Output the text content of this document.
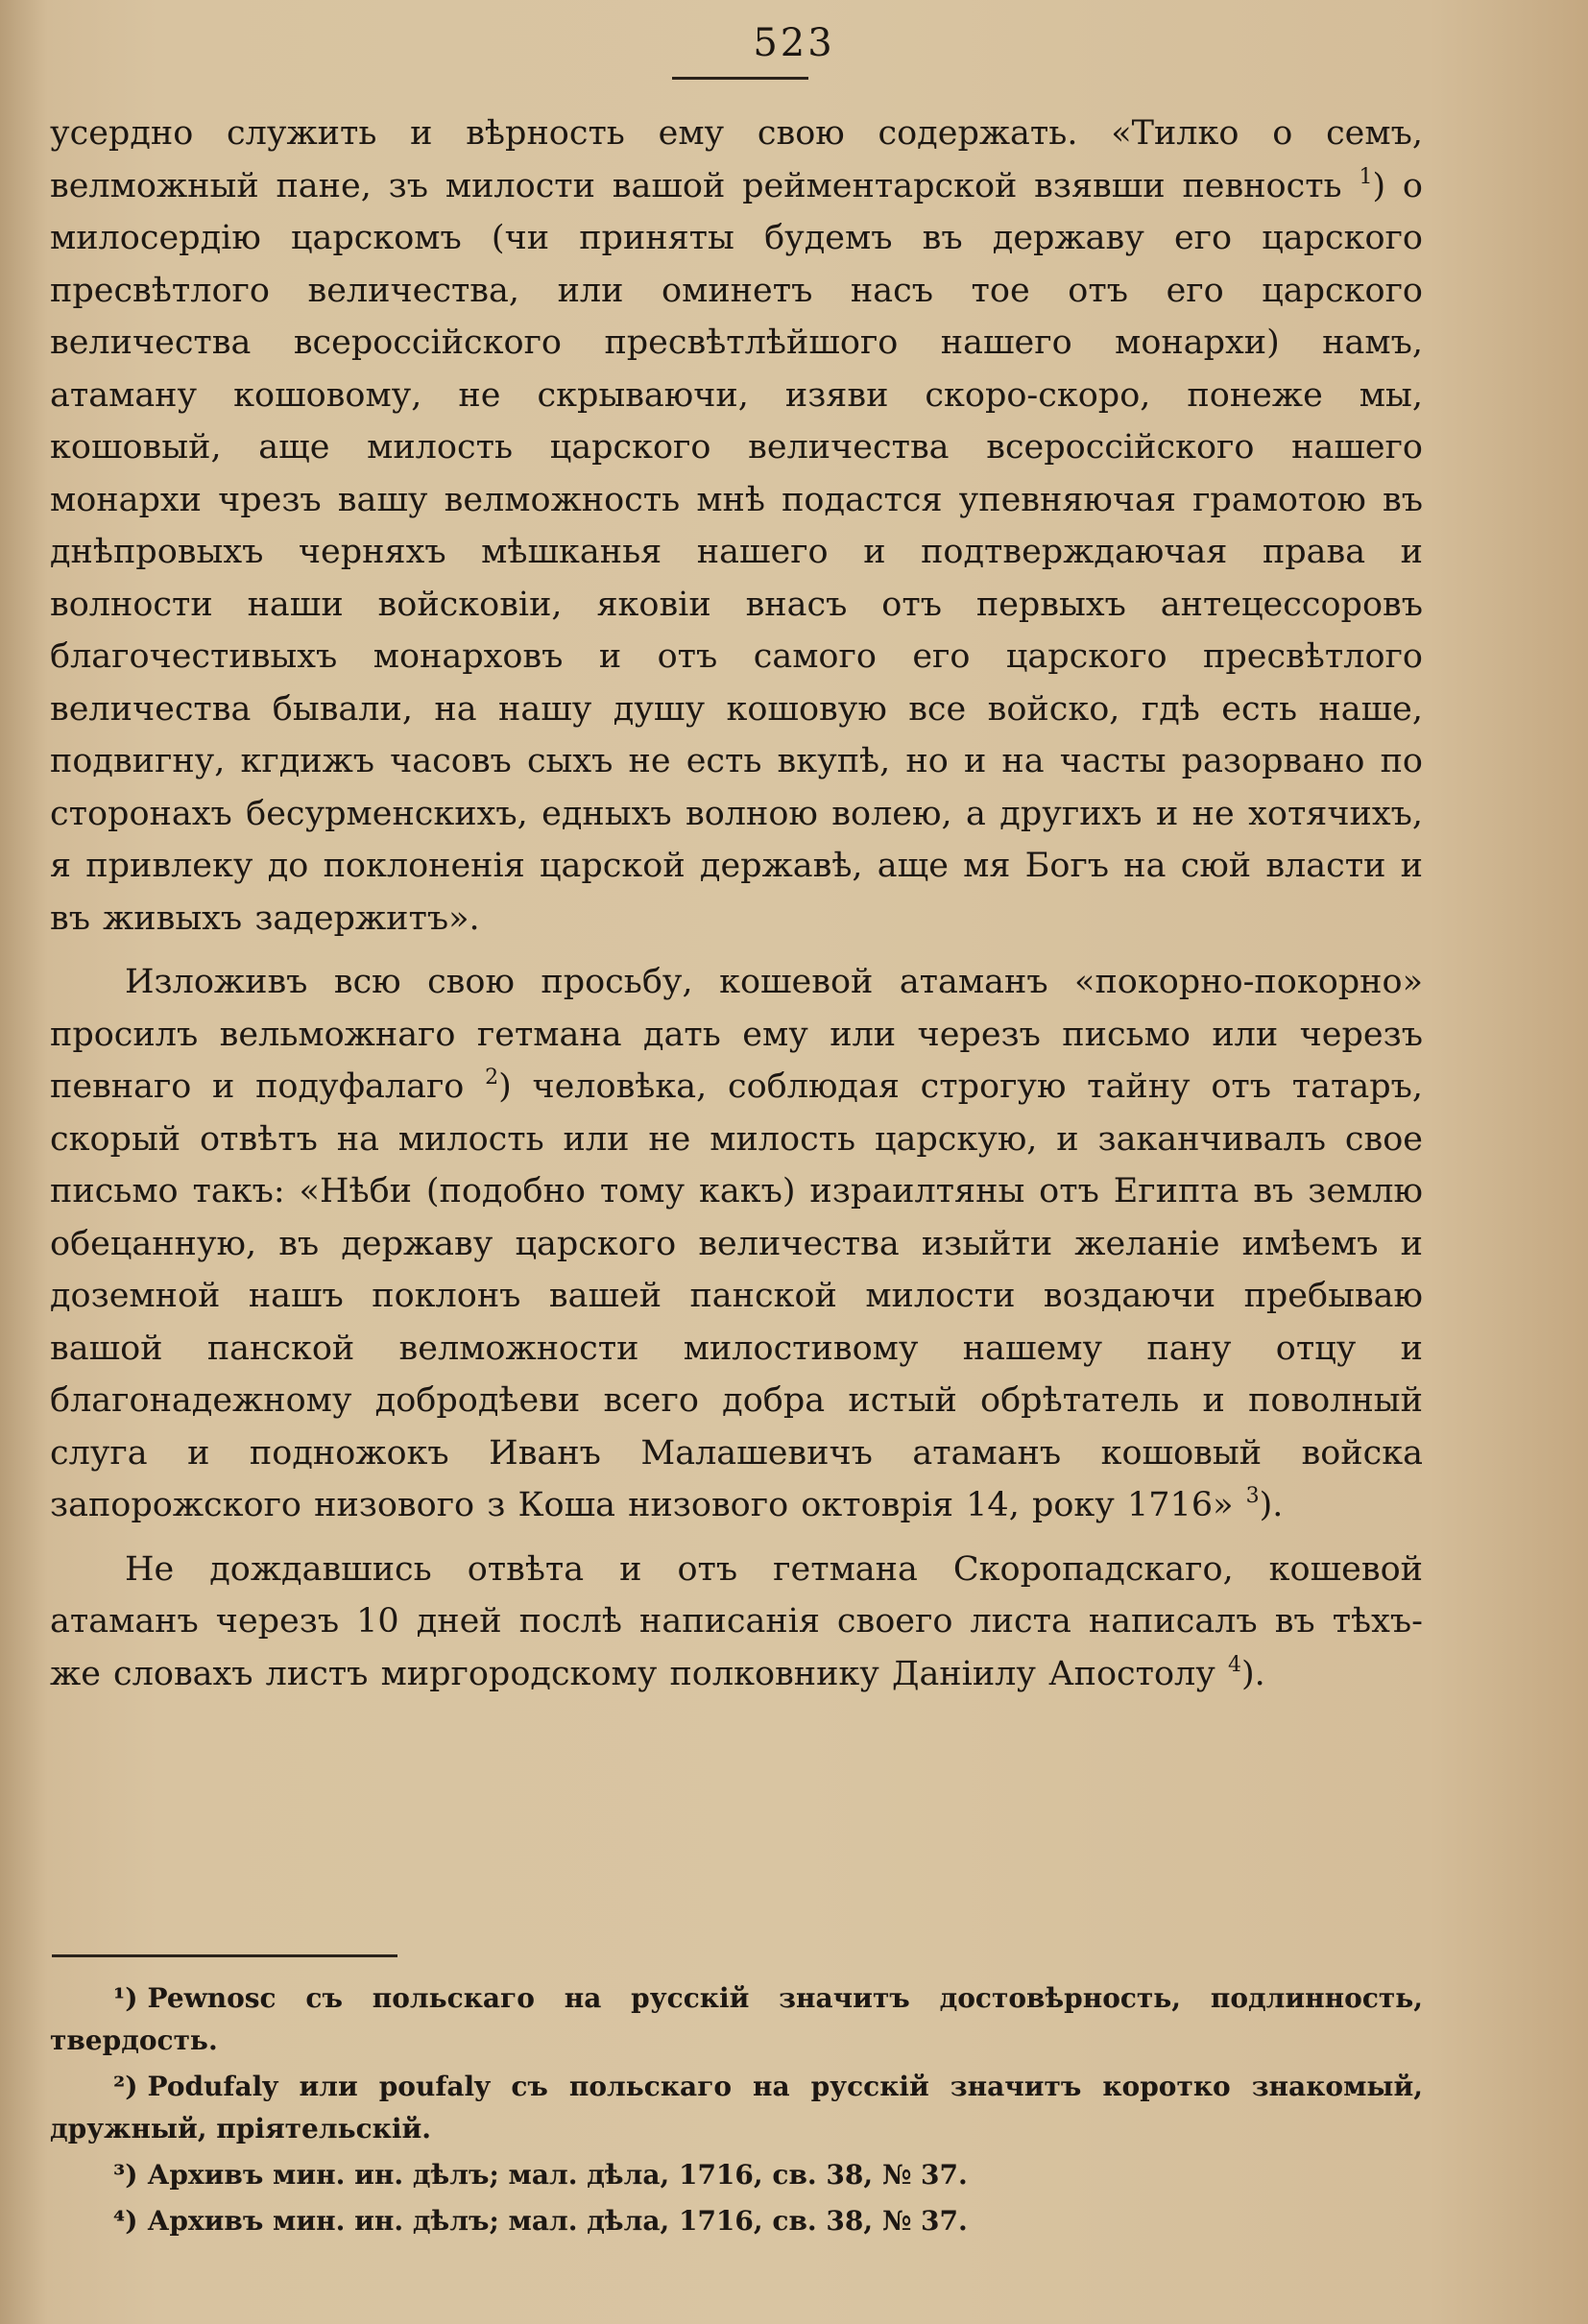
523

усердно служить и вѣрность ему свою содержать. «Тилко о семъ, велможный пане, зъ милости вашой рейментарской взявши певность $^1$) о милосердію царскомъ (чи приняты будемъ въ державу его царского пресвѣтлого величества, или оминетъ насъ тое отъ его царского величества всероссійского пресвѣтлѣйшого нашего монархи) намъ, атаману кошовому, не скрываючи, изяви скоро-скоро, понеже мы, кошовый, аще милость царского величества всероссійского нашего монархи чрезъ вашу велможность мнѣ подастся упевняючая грамотою въ днѣпровыхъ черняхъ мѣшканья нашего и подтверждаючая права и волности наши войсковіи, яковіи внасъ отъ первыхъ антецессоровъ благочестивыхъ монарховъ и отъ самого его царского пресвѣтлого величества бывали, на нашу душу кошовую все войско, гдѣ есть наше, подвигну, кгдижъ часовъ сыхъ не есть вкупѣ, но и на часты разорвано по сторонахъ бесурменскихъ, едныхъ волною волею, а другихъ и не хотячихъ, я привлеку до поклоненія царской державѣ, аще мя Богъ на сюй власти и въ живыхъ задержитъ».

Изложивъ всю свою просьбу, кошевой атаманъ «покорно-покорно» просилъ вельможнаго гетмана дать ему или черезъ письмо или черезъ певнаго и подуфалаго $^2$) человѣка, соблюдая строгую тайну отъ татаръ, скорый отвѣтъ на милость или не милость царскую, и заканчивалъ свое письмо такъ: «Нѣби (подобно тому какъ) израилтяны отъ Египта въ землю обецанную, въ державу царского величества изыйти желаніе имѣемъ и доземной нашъ поклонъ вашей панской милости воздаючи пребываю вашой панской велможности милостивому нашему пану отцу и благонадежному добродѣеви всего добра истый обрѣтатель и поволный слуга и подножокъ Иванъ Малашевичъ атаманъ кошовый войска запорожского низового з Коша низового октоврія 14, року 1716» $^3$).

Не дождавшись отвѣта и отъ гетмана Скоропадскаго, кошевой атаманъ черезъ 10 дней послѣ написанія своего листа написалъ въ тѣхъ-же словахъ листъ миргородскому полковнику Даніилу Апостолу $^4$).

¹) Pewnosc съ польскаго на русскій значитъ достовѣрность, подлинность, твердость.

²) Podufaly или poufaly съ польскаго на русскій значитъ коротко знакомый, дружный, пріятельскій.

³) Архивъ мин. ин. дѣлъ; мал. дѣла, 1716, св. 38, № 37.

⁴) Архивъ мин. ин. дѣлъ; мал. дѣла, 1716, св. 38, № 37.
